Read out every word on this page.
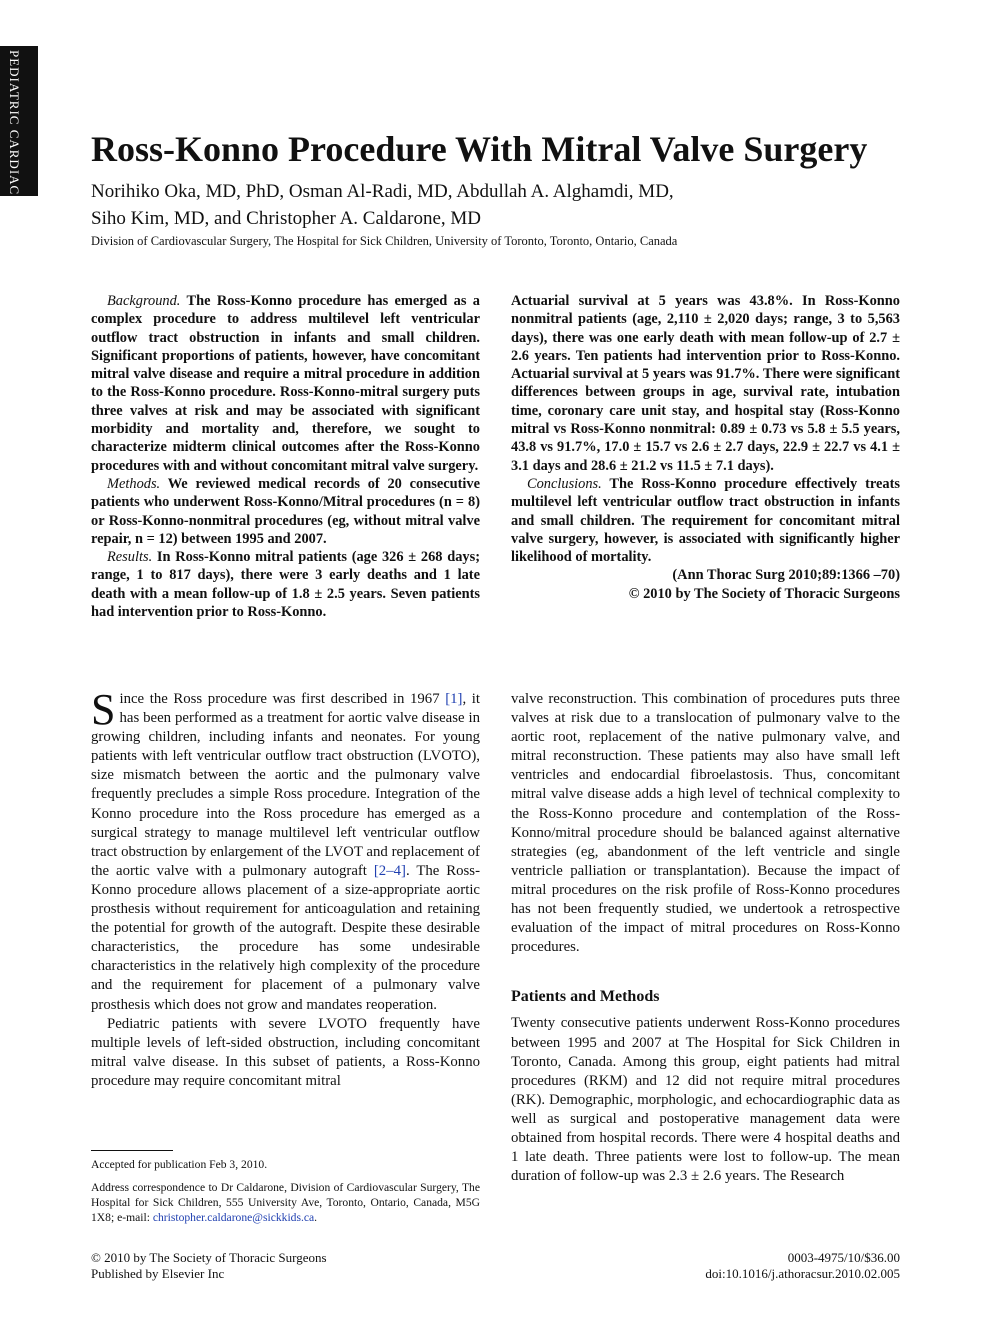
PEDIATRIC CARDIAC Ross-Konno Procedure With Mitral Valve Surgery
Norihiko Oka, MD, PhD, Osman Al-Radi, MD, Abdullah A. Alghamdi, MD,
Siho Kim, MD, and Christopher A. Caldarone, MD
Division of Cardiovascular Surgery, The Hospital for Sick Children, University of Toronto, Toronto, Ontario, Canada

Background. The Ross-Konno procedure has emerged as a complex procedure to address multilevel left ventricular outflow tract obstruction in infants and small children. Significant proportions of patients, however, have concomitant mitral valve disease and require a mitral procedure in addition to the Ross-Konno procedure. Ross-Konno-mitral surgery puts three valves at risk and may be associated with significant morbidity and mortality and, therefore, we sought to characterize midterm clinical outcomes after the Ross-Konno procedures with and without concomitant mitral valve surgery.

Methods. We reviewed medical records of 20 consecutive patients who underwent Ross-Konno/Mitral procedures (n = 8) or Ross-Konno-nonmitral procedures (eg, without mitral valve repair, n = 12) between 1995 and 2007.

Results. In Ross-Konno mitral patients (age 326 ± 268 days; range, 1 to 817 days), there were 3 early deaths and 1 late death with a mean follow-up of 1.8 ± 2.5 years. Seven patients had intervention prior to Ross-Konno.

Actuarial survival at 5 years was 43.8%. In Ross-Konno nonmitral patients (age, 2,110 ± 2,020 days; range, 3 to 5,563 days), there was one early death with mean follow-up of 2.7 ± 2.6 years. Ten patients had intervention prior to Ross-Konno. Actuarial survival at 5 years was 91.7%. There were significant differences between groups in age, survival rate, intubation time, coronary care unit stay, and hospital stay (Ross-Konno mitral vs Ross-Konno nonmitral: 0.89 ± 0.73 vs 5.8 ± 5.5 years, 43.8 vs 91.7%, 17.0 ± 15.7 vs 2.6 ± 2.7 days, 22.9 ± 22.7 vs 4.1 ± 3.1 days and 28.6 ± 21.2 vs 11.5 ± 7.1 days).

Conclusions. The Ross-Konno procedure effectively treats multilevel left ventricular outflow tract obstruction in infants and small children. The requirement for concomitant mitral valve surgery, however, is associated with significantly higher likelihood of mortality.

(Ann Thorac Surg 2010;89:1366 –70)

© 2010 by The Society of Thoracic Surgeons

Since the Ross procedure was first described in 1967 [1], it has been performed as a treatment for aortic valve disease in growing children, including infants and neonates. For young patients with left ventricular outflow tract obstruction (LVOTO), size mismatch between the aortic and the pulmonary valve frequently precludes a simple Ross procedure. Integration of the Konno procedure into the Ross procedure has emerged as a surgical strategy to manage multilevel left ventricular outflow tract obstruction by enlargement of the LVOT and replacement of the aortic valve with a pulmonary autograft [2–4]. The Ross-Konno procedure allows placement of a size-appropriate aortic prosthesis without requirement for anticoagulation and retaining the potential for growth of the autograft. Despite these desirable characteristics, the procedure has some undesirable characteristics in the relatively high complexity of the procedure and the requirement for placement of a pulmonary valve prosthesis which does not grow and mandates reoperation.

Pediatric patients with severe LVOTO frequently have multiple levels of left-sided obstruction, including concomitant mitral valve disease. In this subset of patients, a Ross-Konno procedure may require concomitant mitral

valve reconstruction. This combination of procedures puts three valves at risk due to a translocation of pulmonary valve to the aortic root, replacement of the native pulmonary valve, and mitral reconstruction. These patients may also have small left ventricles and endocardial fibroelastosis. Thus, concomitant mitral valve disease adds a high level of technical complexity to the Ross-Konno procedure and contemplation of the Ross-Konno/mitral procedure should be balanced against alternative strategies (eg, abandonment of the left ventricle and single ventricle palliation or transplantation). Because the impact of mitral procedures on the risk profile of Ross-Konno procedures has not been frequently studied, we undertook a retrospective evaluation of the impact of mitral procedures on Ross-Konno procedures.

Patients and Methods

Twenty consecutive patients underwent Ross-Konno procedures between 1995 and 2007 at The Hospital for Sick Children in Toronto, Canada. Among this group, eight patients had mitral procedures (RKM) and 12 did not require mitral procedures (RK). Demographic, morphologic, and echocardiographic data as well as surgical and postoperative management data were obtained from hospital records. There were 4 hospital deaths and 1 late death. Three patients were lost to follow-up. The mean duration of follow-up was 2.3 ± 2.6 years. The Research

Accepted for publication Feb 3, 2010.
Address correspondence to Dr Caldarone, Division of Cardiovascular Surgery, The Hospital for Sick Children, 555 University Ave, Toronto, Ontario, Canada, M5G 1X8; e-mail: christopher.caldarone@sickkids.ca.
© 2010 by The Society of Thoracic Surgeons
Published by Elsevier Inc
0003-4975/10/$36.00
doi:10.1016/j.athoracsur.2010.02.005
